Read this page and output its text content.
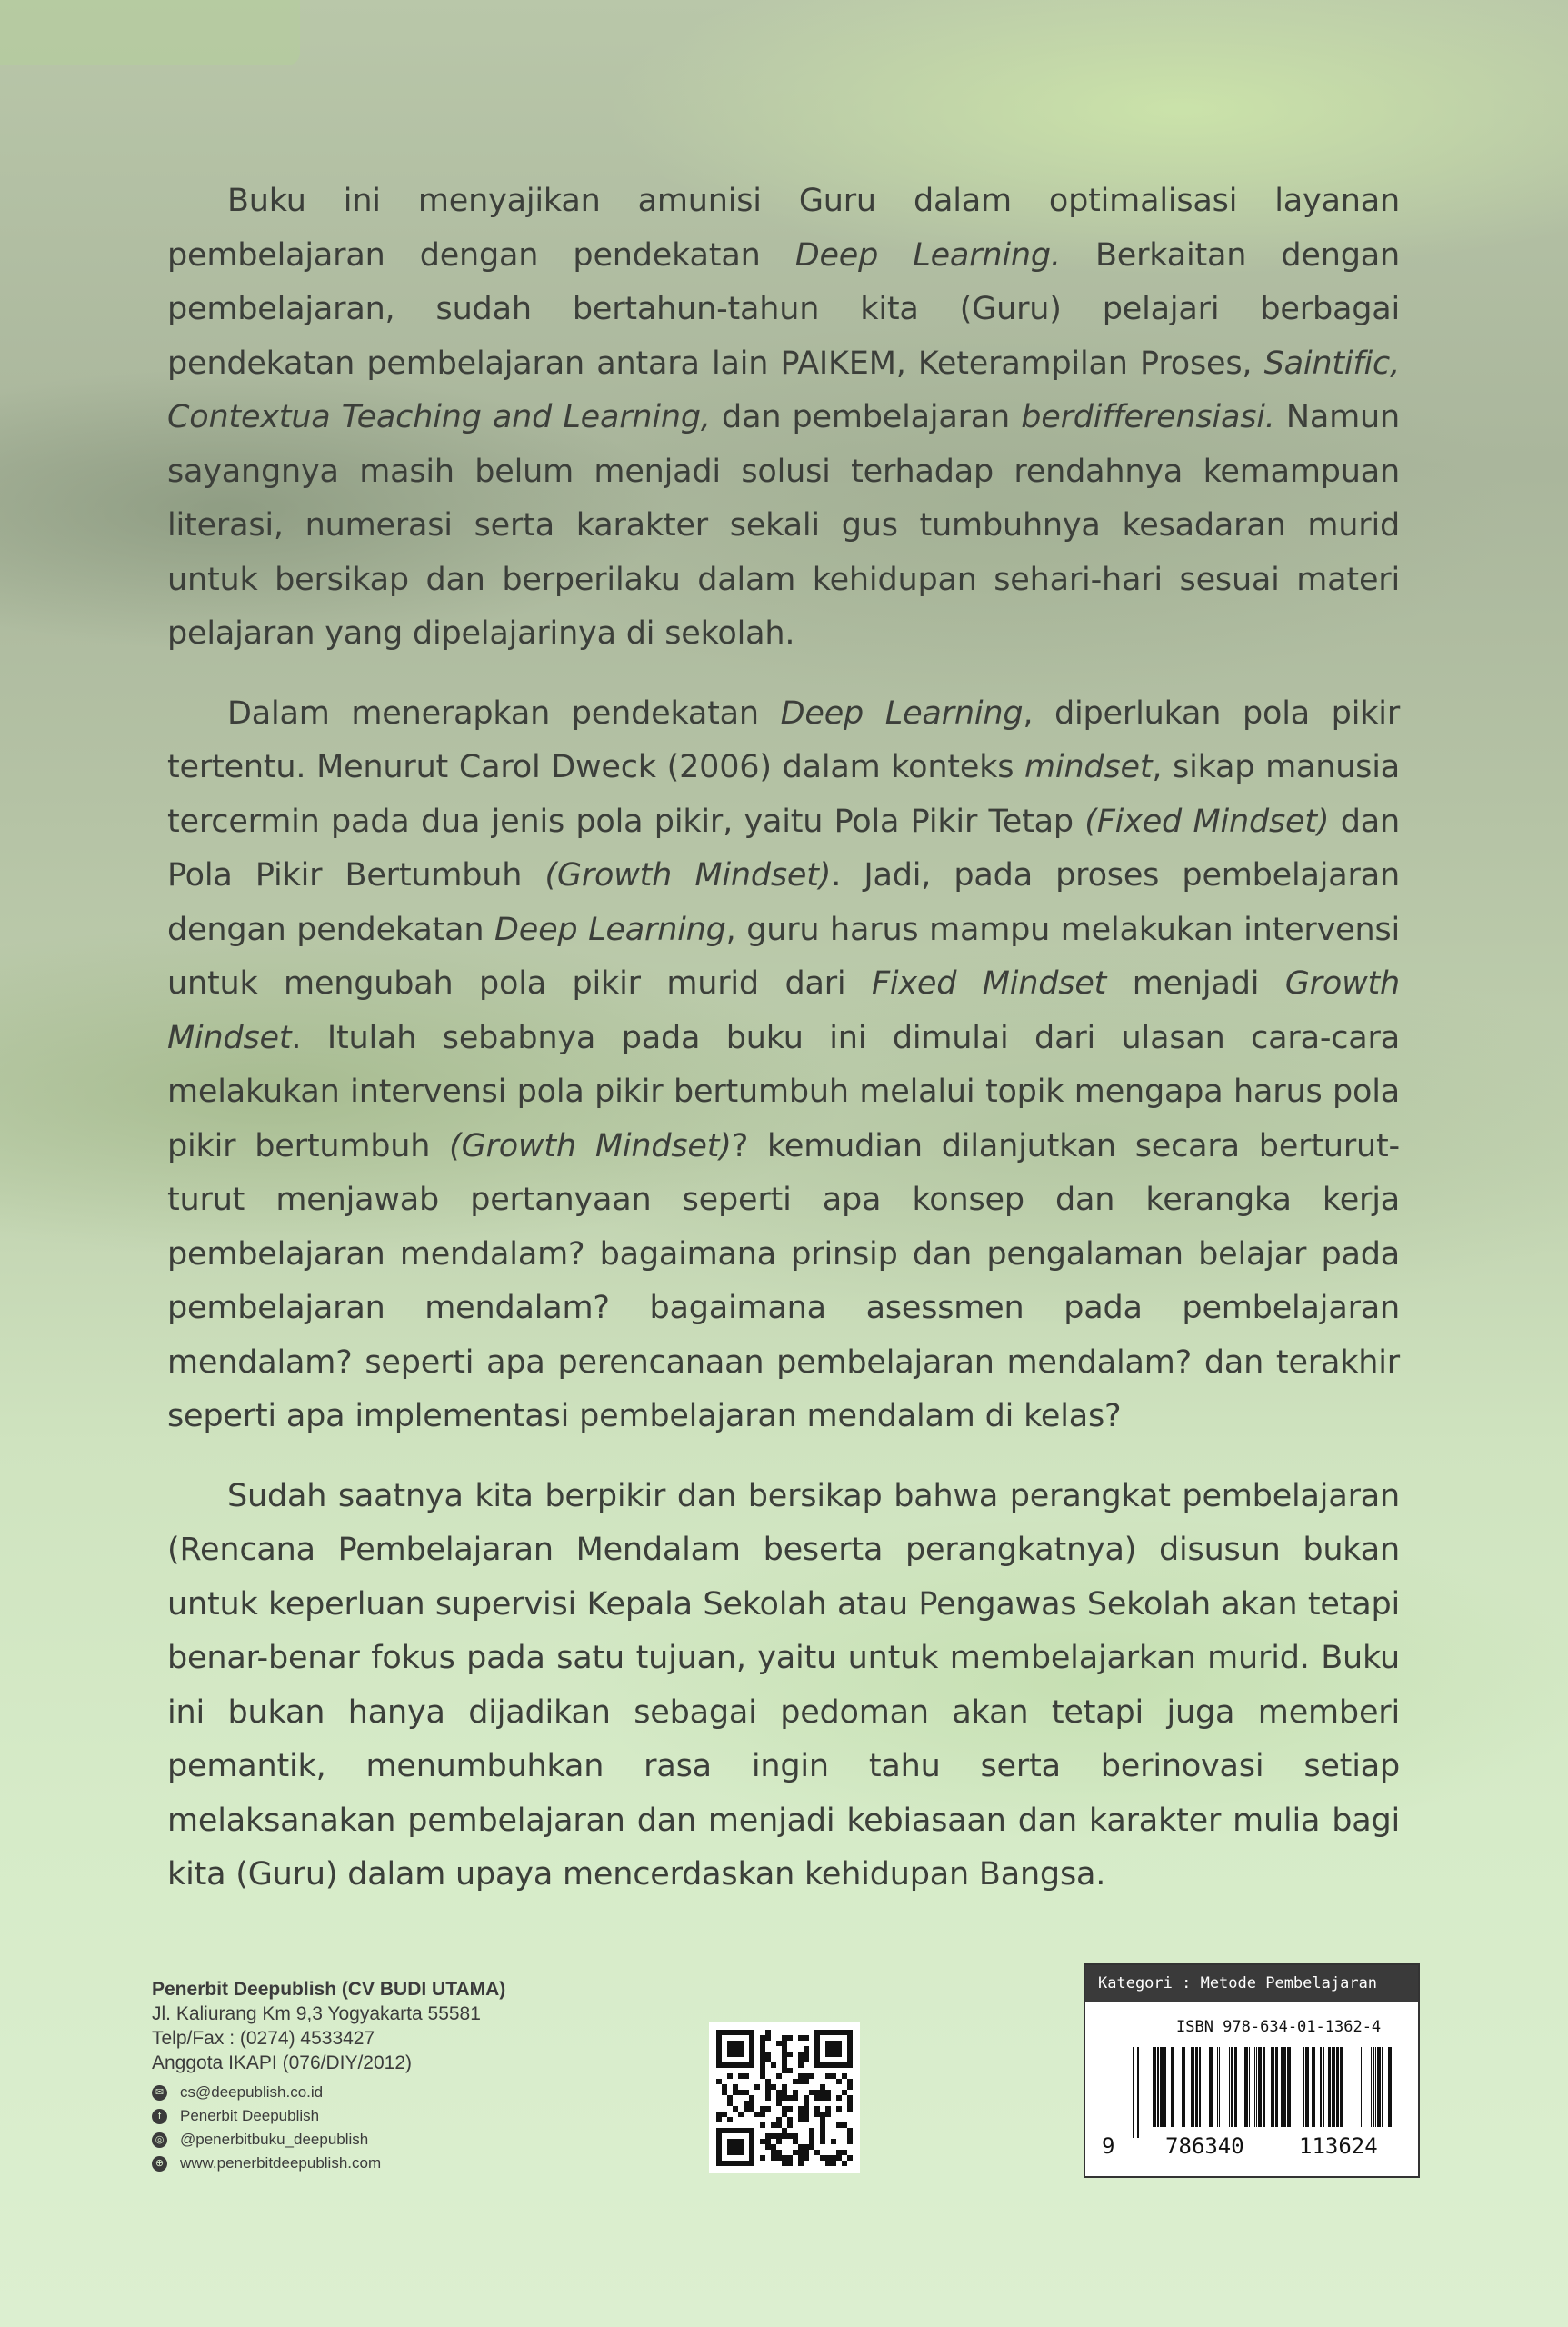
Buku ini menyajikan amunisi Guru dalam optimalisasi layanan pembelajaran dengan pendekatan Deep Learning. Berkaitan dengan pembelajaran, sudah bertahun-tahun kita (Guru) pelajari berbagai pendekatan pembelajaran antara lain PAIKEM, Keterampilan Proses, Saintific, Contextua Teaching and Learning, dan pembelajaran berdifferensiasi. Namun sayangnya masih belum menjadi solusi terhadap rendahnya kemampuan literasi, numerasi serta karakter sekali gus tumbuhnya kesadaran murid untuk bersikap dan berperilaku dalam kehidupan sehari-hari sesuai materi pelajaran yang dipelajarinya di sekolah.

Dalam menerapkan pendekatan Deep Learning, diperlukan pola pikir tertentu. Menurut Carol Dweck (2006) dalam konteks mindset, sikap manusia tercermin pada dua jenis pola pikir, yaitu Pola Pikir Tetap (Fixed Mindset) dan Pola Pikir Bertumbuh (Growth Mindset). Jadi, pada proses pembelajaran dengan pendekatan Deep Learning, guru harus mampu melakukan intervensi untuk mengubah pola pikir murid dari Fixed Mindset menjadi Growth Mindset. Itulah sebabnya pada buku ini dimulai dari ulasan cara-cara melakukan intervensi pola pikir bertumbuh melalui topik mengapa harus pola pikir bertumbuh (Growth Mindset)? kemudian dilanjutkan secara berturut-turut menjawab pertanyaan seperti apa konsep dan kerangka kerja pembelajaran mendalam? bagaimana prinsip dan pengalaman belajar pada pembelajaran mendalam? bagaimana asessmen pada pembelajaran mendalam? seperti apa perencanaan pembelajaran mendalam? dan terakhir seperti apa implementasi pembelajaran mendalam di kelas?

Sudah saatnya kita berpikir dan bersikap bahwa perangkat pembelajaran (Rencana Pembelajaran Mendalam beserta perangkatnya) disusun bukan untuk keperluan supervisi Kepala Sekolah atau Pengawas Sekolah akan tetapi benar-benar fokus pada satu tujuan, yaitu untuk membelajarkan murid. Buku ini bukan hanya dijadikan sebagai pedoman akan tetapi juga memberi pemantik, menumbuhkan rasa ingin tahu serta berinovasi setiap melaksanakan pembelajaran dan menjadi kebiasaan dan karakter mulia bagi kita (Guru) dalam upaya mencerdaskan kehidupan Bangsa.

Penerbit Deepublish (CV BUDI UTAMA)
Jl. Kaliurang Km 9,3 Yogyakarta 55581
Telp/Fax : (0274) 4533427
Anggota IKAPI (076/DIY/2012)
✉ cs@deepublish.co.id
f	Penerbit Deepublish
◎ @penerbitbuku_deepublish
⊕ www.penerbitdeepublish.com
Kategori : Metode Pembelajaran
ISBN 978-634-01-1362-4
9 786340	113624
